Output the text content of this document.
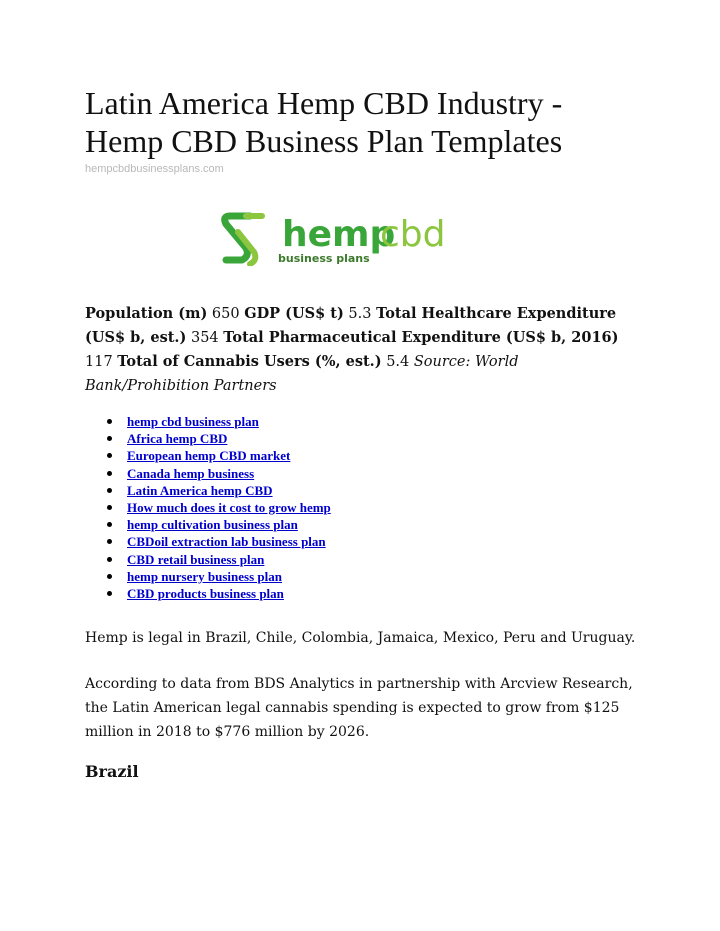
Latin America Hemp CBD Industry - Hemp CBD Business Plan Templates
hempcbdbusinessplans.com
hemp
cbd
business plans
Population (m) 650 GDP (US$ t) 5.3 Total Healthcare Expenditure (US$ b, est.) 354 Total Pharmaceutical Expenditure (US$ b, 2016) 117 Total of Cannabis Users (%, est.) 5.4 Source: World Bank/Prohibition Partners
hemp cbd business plan
Africa hemp CBD
European hemp CBD market
Canada hemp business
Latin America hemp CBD
How much does it cost to grow hemp
hemp cultivation business plan
CBDoil extraction lab business plan
CBD retail business plan
hemp nursery business plan
CBD products business plan

Hemp is legal in Brazil, Chile, Colombia, Jamaica, Mexico, Peru and Uruguay.

According to data from BDS Analytics in partnership with Arcview Research, the Latin American legal cannabis spending is expected to grow from $125 million in 2018 to $776 million by 2026.

Brazil
